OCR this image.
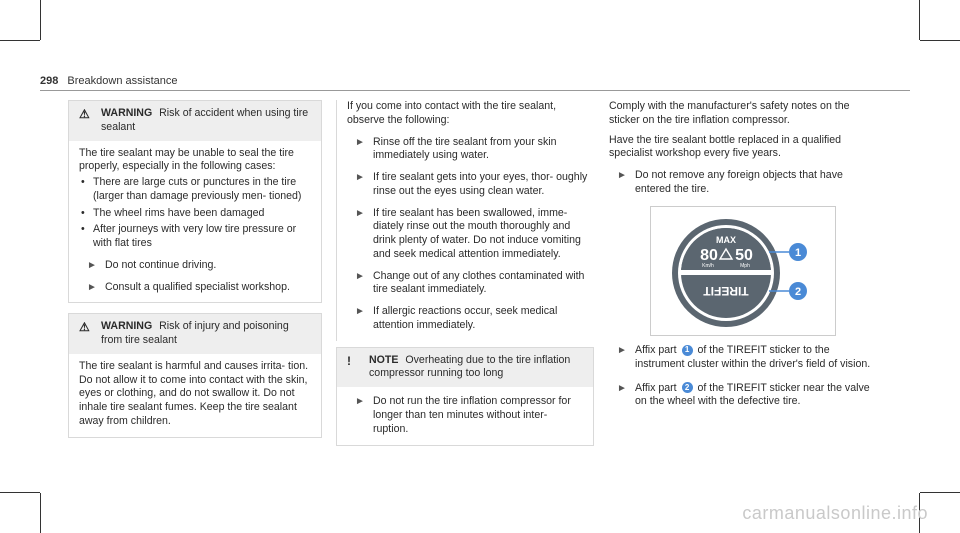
298 Breakdown assistance
⚠	WARNING Risk of accident when using tire sealant

The tire sealant may be unable to seal the tire properly, especially in the following cases:

• There are large cuts or punctures in the tire (larger than damage previously men- tioned)
• The wheel rims have been damaged
• After journeys with very low tire pressure or with flat tires
► Do not continue driving.
► Consult a qualified specialist workshop.
⚠	WARNING Risk of injury and poisoning from tire sealant

The tire sealant is harmful and causes irrita- tion. Do not allow it to come into contact with the skin, eyes or clothing, and do not swallow it. Do not inhale tire sealant fumes. Keep the tire sealant away from children.

If you come into contact with the tire sealant, observe the following:

► Rinse off the tire sealant from your skin immediately using water.
► If tire sealant gets into your eyes, thor- oughly rinse out the eyes using clean water.
► If tire sealant has been swallowed, imme- diately rinse out the mouth thoroughly and drink plenty of water. Do not induce vomiting and seek medical attention immediately.
► Change out of any clothes contaminated with tire sealant immediately.
► If allergic reactions occur, seek medical attention immediately.
!	NOTE Overheating due to the tire inflation compressor running too long
► Do not run the tire inflation compressor for longer than ten minutes without inter- ruption.

Comply with the manufacturer's safety notes on the sticker on the tire inflation compressor.

Have the tire sealant bottle replaced in a qualified specialist workshop every five years.

► Do not remove any foreign objects that have entered the tire.
MAX
80 50
Km/h	Mph
TIREFIT
1
2
► Affix part 1 of the TIREFIT sticker to the instrument cluster within the driver's field of vision.
► Affix part 2 of the TIREFIT sticker near the valve on the wheel with the defective tire.
carmanualsonline.info
